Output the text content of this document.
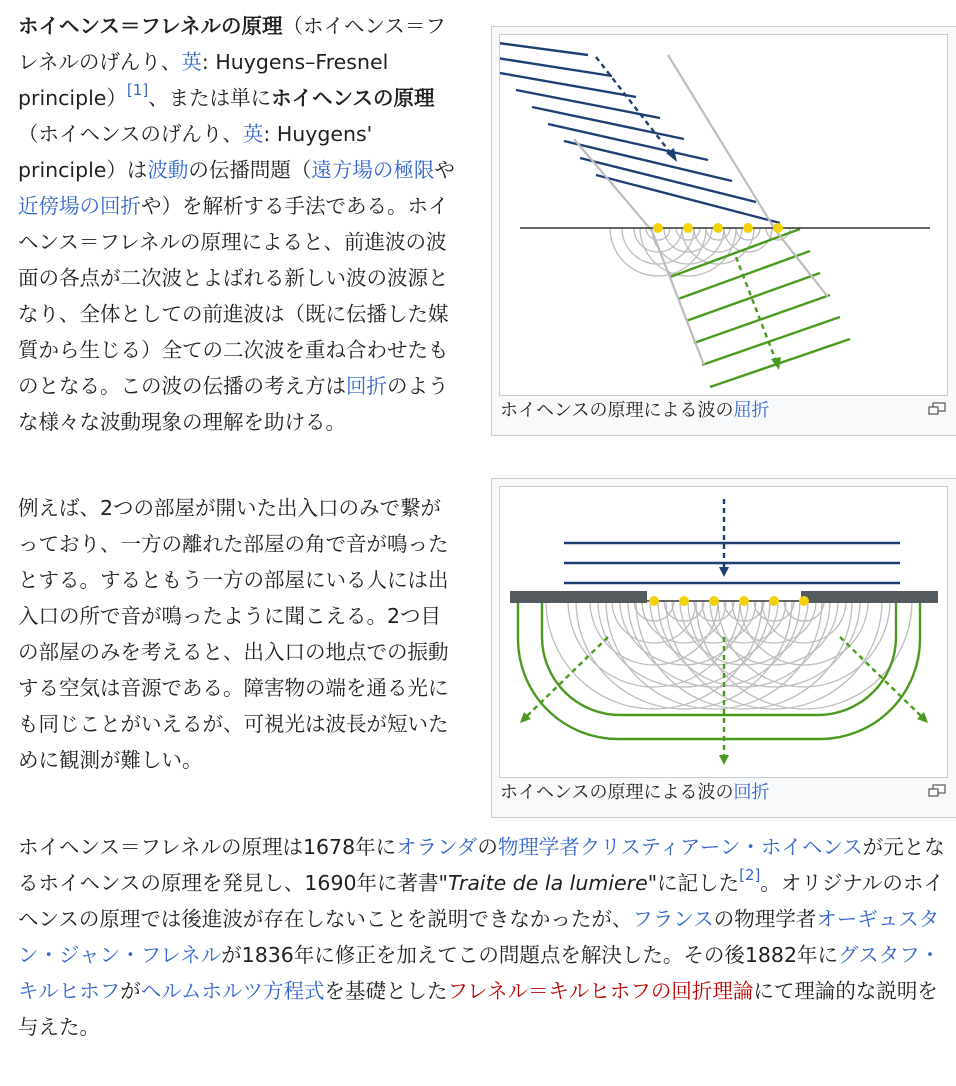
ホイヘンス＝フレネルの原理（ホイヘンス＝フレネルのげんり、英: Huygens–Fresnel principle）[1]、または単にホイヘンスの原理（ホイヘンスのげんり、英: Huygens' principle）は波動の伝播問題（遠方場の極限や近傍場の回折や）を解析する手法である。ホイヘンス＝フレネルの原理によると、前進波の波面の各点が二次波とよばれる新しい波の波源となり、全体としての前進波は（既に伝播した媒質から生じる）全ての二次波を重ね合わせたものとなる。この波の伝播の考え方は回折のような様々な波動現象の理解を助ける。

例えば、2つの部屋が開いた出入口のみで繋がっており、一方の離れた部屋の角で音が鳴ったとする。するともう一方の部屋にいる人には出入口の所で音が鳴ったように聞こえる。2つ目の部屋のみを考えると、出入口の地点での振動する空気は音源である。障害物の端を通る光にも同じことがいえるが、可視光は波長が短いために観測が難しい。

ホイヘンス＝フレネルの原理は1678年にオランダの物理学者クリスティアーン・ホイヘンスが元となるホイヘンスの原理を発見し、1690年に著書"Traite de la lumiere"に記した[2]。オリジナルのホイヘンスの原理では後進波が存在しないことを説明できなかったが、フランスの物理学者オーギュスタン・ジャン・フレネルが1836年に修正を加えてこの問題点を解決した。その後1882年にグスタフ・キルヒホフがヘルムホルツ方程式を基礎としたフレネル＝キルヒホフの回折理論にて理論的な説明を与えた。

ホイヘンスの原理による波の屈折
ホイヘンスの原理による波の回折
